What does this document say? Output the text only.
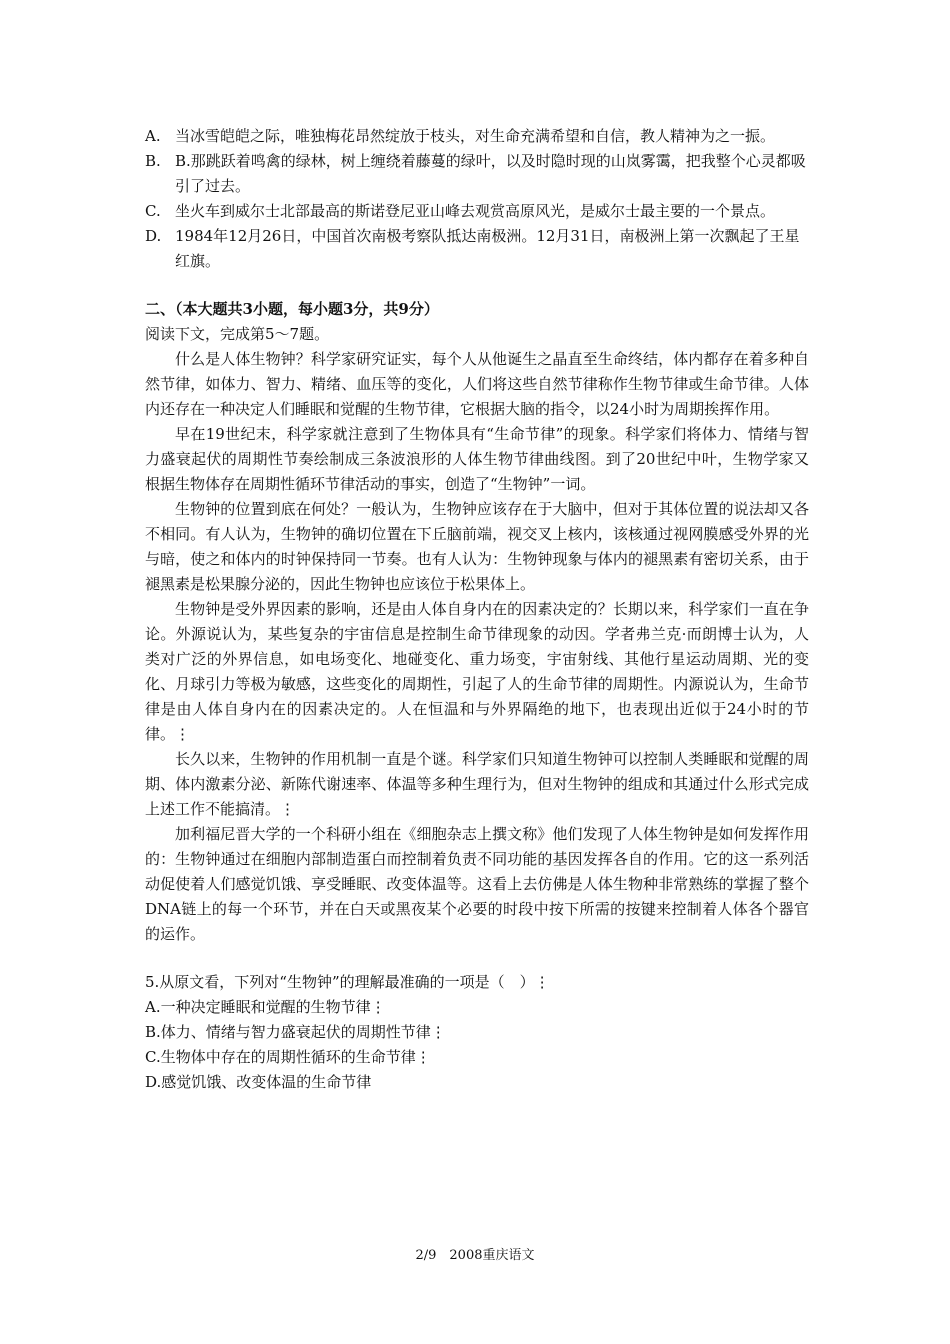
A. 当冰雪皑皑之际，唯独梅花昂然绽放于枝头，对生命充满希望和自信，教人精神为之一振。
B. B.那跳跃着鸣禽的绿林，树上缠绕着藤蔓的绿叶，以及时隐时现的山岚雾霭，把我整个心灵都吸引了过去。
C. 坐火车到威尔士北部最高的斯诺登尼亚山峰去观赏高原风光，是威尔士最主要的一个景点。
D. 1984年12月26日，中国首次南极考察队抵达南极洲。12月31日，南极洲上第一次飘起了王星红旗。
二、（本大题共3小题，每小题3分，共9分）
阅读下文，完成第5～7题。
什么是人体生物钟？科学家研究证实，每个人从他诞生之晶直至生命终结，体内都存在着多种自然节律，如体力、智力、精绪、血压等的变化，人们将这些自然节律称作生物节律或生命节律。人体内还存在一种决定人们睡眠和觉醒的生物节律，它根据大脑的指令，以24小时为周期挨挥作用。
早在19世纪末，科学家就注意到了生物体具有“生命节律”的现象。科学家们将体力、情绪与智力盛衰起伏的周期性节奏绘制成三条波浪形的人体生物节律曲线图。到了20世纪中叶，生物学家又根据生物体存在周期性循环节律活动的事实，创造了“生物钟”一词。
生物钟的位置到底在何处？一般认为，生物钟应该存在于大脑中，但对于其体位置的说法却又各不相同。有人认为，生物钟的确切位置在下丘脑前端，视交叉上核内，该核通过视网膜感受外界的光与暗，使之和体内的时钟保持同一节奏。也有人认为：生物钟现象与体内的褪黑素有密切关系，由于褪黑素是松果腺分泌的，因此生物钟也应该位于松果体上。
生物钟是受外界因素的影响，还是由人体自身内在的因素决定的？长期以来，科学家们一直在争论。外源说认为，某些复杂的宇宙信息是控制生命节律现象的动因。学者弗兰克·而朗博士认为，人类对广泛的外界信息，如电场变化、地碰变化、重力场变，宇宙射线、其他行星运动周期、光的变化、月球引力等极为敏感，这些变化的周期性，引起了人的生命节律的周期性。内源说认为，生命节律是由人体自身内在的因素决定的。人在恒温和与外界隔绝的地下，也表现出近似于24小时的节律。⋮
长久以来，生物钟的作用机制一直是个谜。科学家们只知道生物钟可以控制人类睡眠和觉醒的周期、体内激素分泌、新陈代谢速率、体温等多种生理行为，但对生物钟的组成和其通过什么形式完成上述工作不能搞清。⋮
加利福尼晋大学的一个科研小组在《细胞杂志上撰文称》他们发现了人体生物钟是如何发挥作用的：生物钟通过在细胞内部制造蛋白而控制着负责不同功能的基因发挥各自的作用。它的这一系列活动促使着人们感觉饥饿、享受睡眠、改变体温等。这看上去仿佛是人体生物种非常熟练的掌握了整个DNA链上的每一个环节，并在白天或黑夜某个必要的时段中按下所需的按键来控制着人体各个器官的运作。
5.从原文看，下列对“生物钟”的理解最准确的一项是（　）⋮
A.一种决定睡眠和觉醒的生物节律⋮
B.体力、情绪与智力盛衰起伏的周期性节律⋮
C.生物体中存在的周期性循环的生命节律⋮
D.感觉饥饿、改变体温的生命节律
2/9　2008重庆语文
